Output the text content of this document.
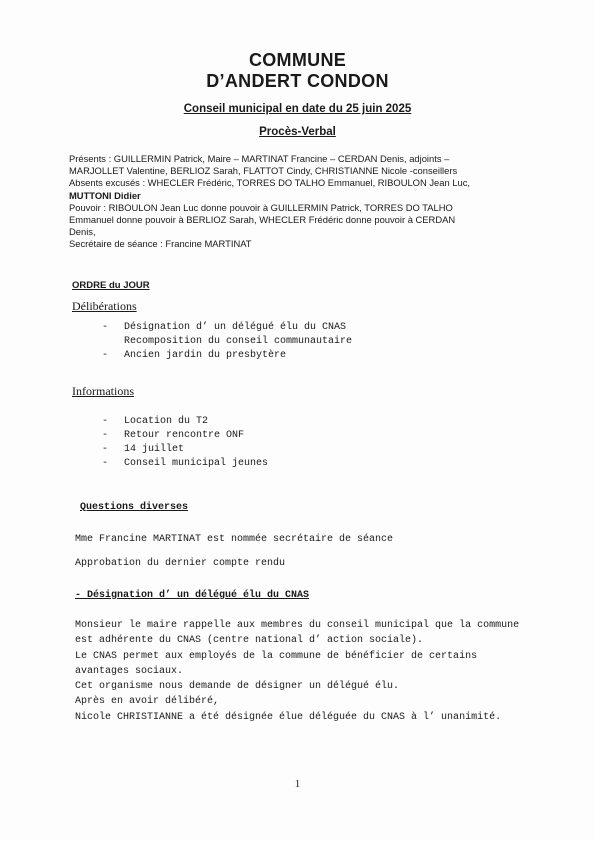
COMMUNE
D’ANDERT CONDON
Conseil municipal en date du 25 juin 2025
Procès-Verbal
Présents : GUILLERMIN Patrick, Maire – MARTINAT Francine – CERDAN Denis, adjoints –
MARJOLLET Valentine, BERLIOZ Sarah, FLATTOT Cindy, CHRISTIANNE Nicole -conseillers
Absents excusés : WHECLER Frédéric, TORRES DO TALHO Emmanuel, RIBOULON Jean Luc,
MUTTONI Didier
Pouvoir : RIBOULON Jean Luc donne pouvoir à GUILLERMIN Patrick, TORRES DO TALHO
Emmanuel donne pouvoir à BERLIOZ Sarah, WHECLER Frédéric donne pouvoir à CERDAN
Denis,
Secrétaire de séance : Francine MARTINAT
ORDRE du JOUR
Délibérations
-	Désignation d’ un délégué élu du CNAS
Recomposition du conseil communautaire
-	Ancien jardin du presbytère
Informations
-	Location du T2
-	Retour rencontre ONF
-	14 juillet
-	Conseil municipal jeunes
Questions diverses
Mme Francine MARTINAT est nommée secrétaire de séance
Approbation du dernier compte rendu
- Désignation d’ un délégué élu du CNAS
Monsieur le maire rappelle aux membres du conseil municipal que la commune
est adhérente du CNAS (centre national d’ action sociale).
Le CNAS permet aux employés de la commune de bénéficier de certains
avantages sociaux.
Cet organisme nous demande de désigner un délégué élu.
Après en avoir délibéré,
Nicole CHRISTIANNE a été désignée élue déléguée du CNAS à l’ unanimité.
1
